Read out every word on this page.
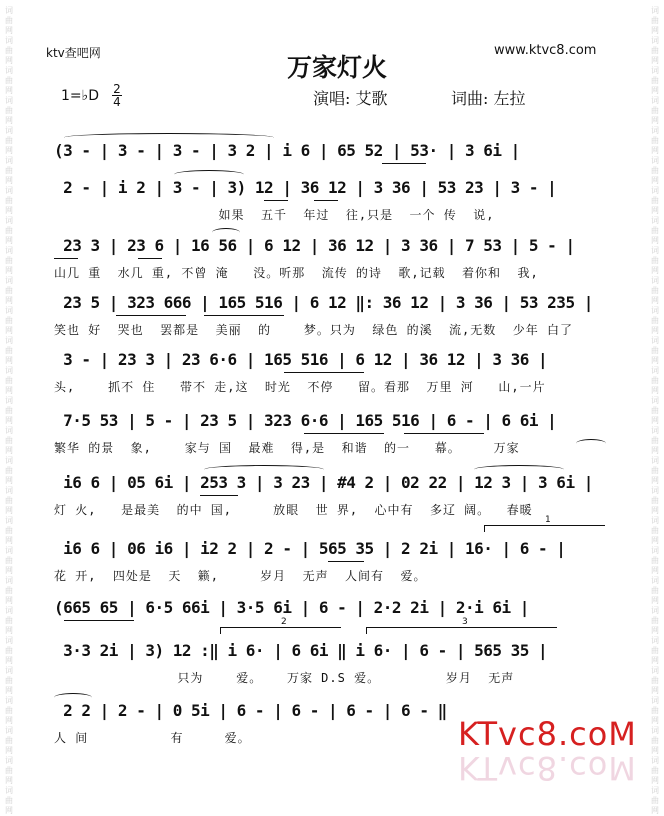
词
曲
网
词
曲
网
词
曲
网
词
曲
网
词
曲
网
词
曲
网
词
曲
网
词
曲
网
词
曲
网
词
曲
网
词
曲
网
词
曲
网
词
曲
网
词
曲
网
词
曲
网
词
曲
网
词
曲
网
词
曲
网
词
曲
网
词
曲
网
词
曲
网
词
曲
网
词
曲
网
词
曲
网
词
曲
网
词
曲
网
词
曲
网
词
曲
网
词
曲
网
词
曲
网
词
曲
网
词
曲
网
词
曲
网
词
曲
网
词
曲
网
词
曲
网
词
曲
网
词
曲
网
词
曲
网
词
曲
网
词
曲
网
词
曲
网
词
曲
网
词
曲
网
词
曲
网
词
曲
网
词
曲
网
词
曲
网
词
曲
网
词
曲
网
词
曲
网
词
曲
网
词
曲
网
词
曲
网
ktv查吧网	万家灯火
www.ktvc8.com
1=♭D 2
4	演唱: 艾歌	词曲: 左拉
(3 - | 3 - | 3 - | 3 2 | i 6 | 65 52 | 53· | 3 6i |
2 - | i 2 | 3 - | 3) 12 | 36 12 | 3 36 | 53 23 | 3 - |
如果  五千  年过  往,只是  一个 传  说,
23 3 | 23 6 | 16 56 | 6 12 | 36 12 | 3 36 | 7 53 | 5 - |
山几 重  水几 重, 不曾 淹   没。听那  流传 的诗  歌,记载  着你和  我,
23 5 | 323 666 | 165 516 | 6 12 ‖: 36 12 | 3 36 | 53 235 |
笑也 好  哭也  罢都是  美丽  的    梦。只为  绿色 的溪  流,无数  少年 白了
3 - | 23 3 | 23 6·6 | 165 516 | 6 12 | 36 12 | 3 36 |
头,    抓不 住   带不 走,这  时光  不停   留。看那  万里 河   山,一片
7·5 53 | 5 - | 23 5 | 323 6·6 | 165 516 | 6 - | 6 6i |
繁华 的景  象,    家与 国  最难  得,是  和谐  的一   幕。    万家
i6 6 | 05 6i | 253 3 | 3 23 | #4 2 | 02 22 | 12 3 | 3 6i |
灯 火,   是最美  的中 国,     放眼  世 界,  心中有  多辽 阔。  春暖
1
i6 6 | 06 i6 | i2 2 | 2 - | 565 35 | 2 2i | 16· | 6 - |
花 开,  四处是  天  籁,     岁月  无声  人间有  爱。
(665 65 | 6·5 66i | 3·5 6i | 6 - | 2·2 2i | 2·i 6i |
2	3
3·3 2i | 3) 12 :‖ i 6· | 6 6i ‖ i 6· | 6 - | 565 35 |
只为    爱。   万家 D.S 爱。        岁月  无声
2 2 | 2 - | 0 5i | 6 - | 6 - | 6 - | 6 - ‖
人 间          有     爱。	KTvc8.coM
KTvc8.coM
